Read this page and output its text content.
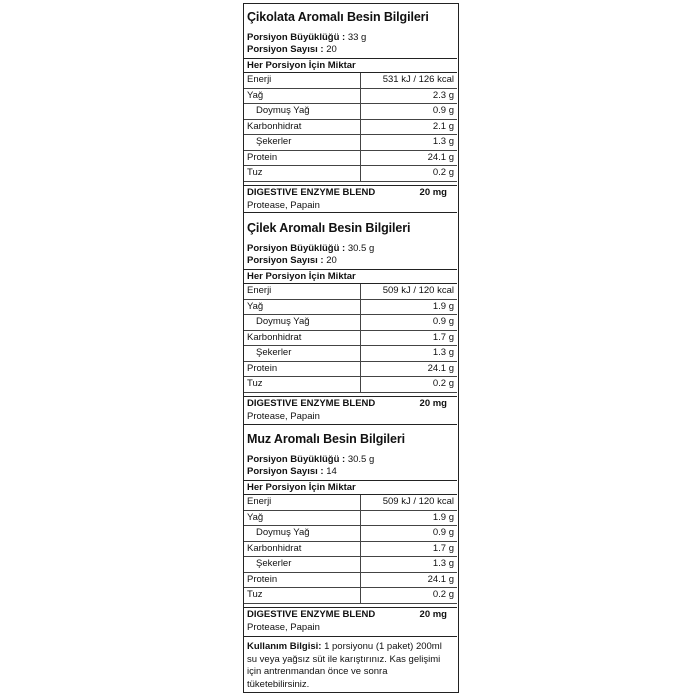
Çikolata Aromalı Besin Bilgileri
Porsiyon Büyüklüğü : 33 g
Porsiyon Sayısı : 20
Her Porsiyon İçin Miktar
Enerji	531 kJ / 126 kcal
Yağ	2.3 g
Doymuş Yağ	0.9 g
Karbonhidrat	2.1 g
Şekerler	1.3 g
Protein	24.1 g
Tuz	0.2 g
DIGESTIVE ENZYME BLEND	20 mg
Protease, Papain
Çilek Aromalı Besin Bilgileri
Porsiyon Büyüklüğü : 30.5 g
Porsiyon Sayısı : 20
Her Porsiyon İçin Miktar
Enerji	509 kJ / 120 kcal
Yağ	1.9 g
Doymuş Yağ	0.9 g
Karbonhidrat	1.7 g
Şekerler	1.3 g
Protein	24.1 g
Tuz	0.2 g
DIGESTIVE ENZYME BLEND	20 mg
Protease, Papain
Muz Aromalı Besin Bilgileri
Porsiyon Büyüklüğü : 30.5 g
Porsiyon Sayısı : 14
Her Porsiyon İçin Miktar
Enerji	509 kJ / 120 kcal
Yağ	1.9 g
Doymuş Yağ	0.9 g
Karbonhidrat	1.7 g
Şekerler	1.3 g
Protein	24.1 g
Tuz	0.2 g
DIGESTIVE ENZYME BLEND	20 mg
Protease, Papain
Kullanım Bilgisi: 1 porsiyonu (1 paket) 200ml su veya yağsız süt ile karıştırınız. Kas gelişimi için antrenmandan önce ve sonra tüketebilirsiniz.
